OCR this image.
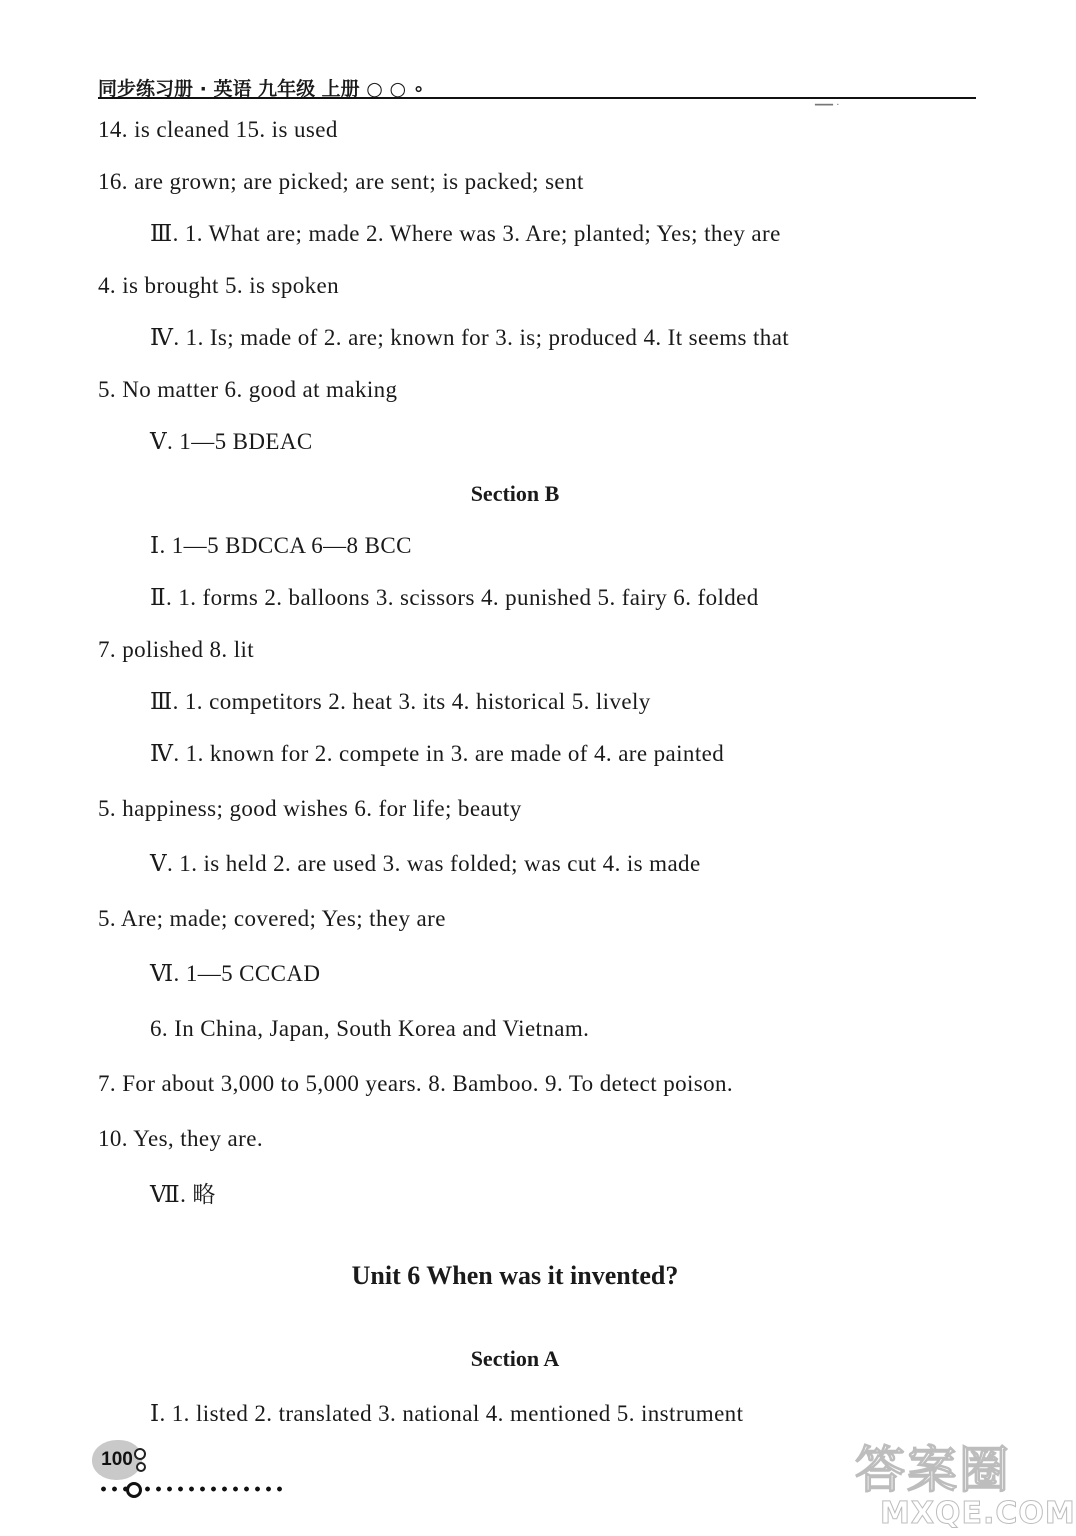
同步练习册 · 英语 九年级 上册 ○ ○ ∘
━━━ ·
14. is cleaned 15. is used
16. are grown; are picked; are sent; is packed; sent
Ⅲ. 1. What are; made 2. Where was 3. Are; planted; Yes; they are
4. is brought 5. is spoken
Ⅳ. 1. Is; made of 2. are; known for 3. is; produced 4. It seems that
5. No matter 6. good at making
Ⅴ. 1—5 BDEAC
Section B
Ⅰ. 1—5 BDCCA 6—8 BCC
Ⅱ. 1. forms 2. balloons 3. scissors 4. punished 5. fairy 6. folded
7. polished 8. lit
Ⅲ. 1. competitors 2. heat 3. its 4. historical 5. lively
Ⅳ. 1. known for 2. compete in 3. are made of 4. are painted
5. happiness; good wishes 6. for life; beauty
Ⅴ. 1. is held 2. are used 3. was folded; was cut 4. is made
5. Are; made; covered; Yes; they are
Ⅵ. 1—5 CCCAD
6. In China, Japan, South Korea and Vietnam.
7. For about 3,000 to 5,000 years. 8. Bamboo. 9. To detect poison.
10. Yes, they are.
Ⅶ. 略
Unit 6 When was it invented?
Section A
Ⅰ. 1. listed 2. translated 3. national 4. mentioned 5. instrument
100	答案圈
MXQE.COM
